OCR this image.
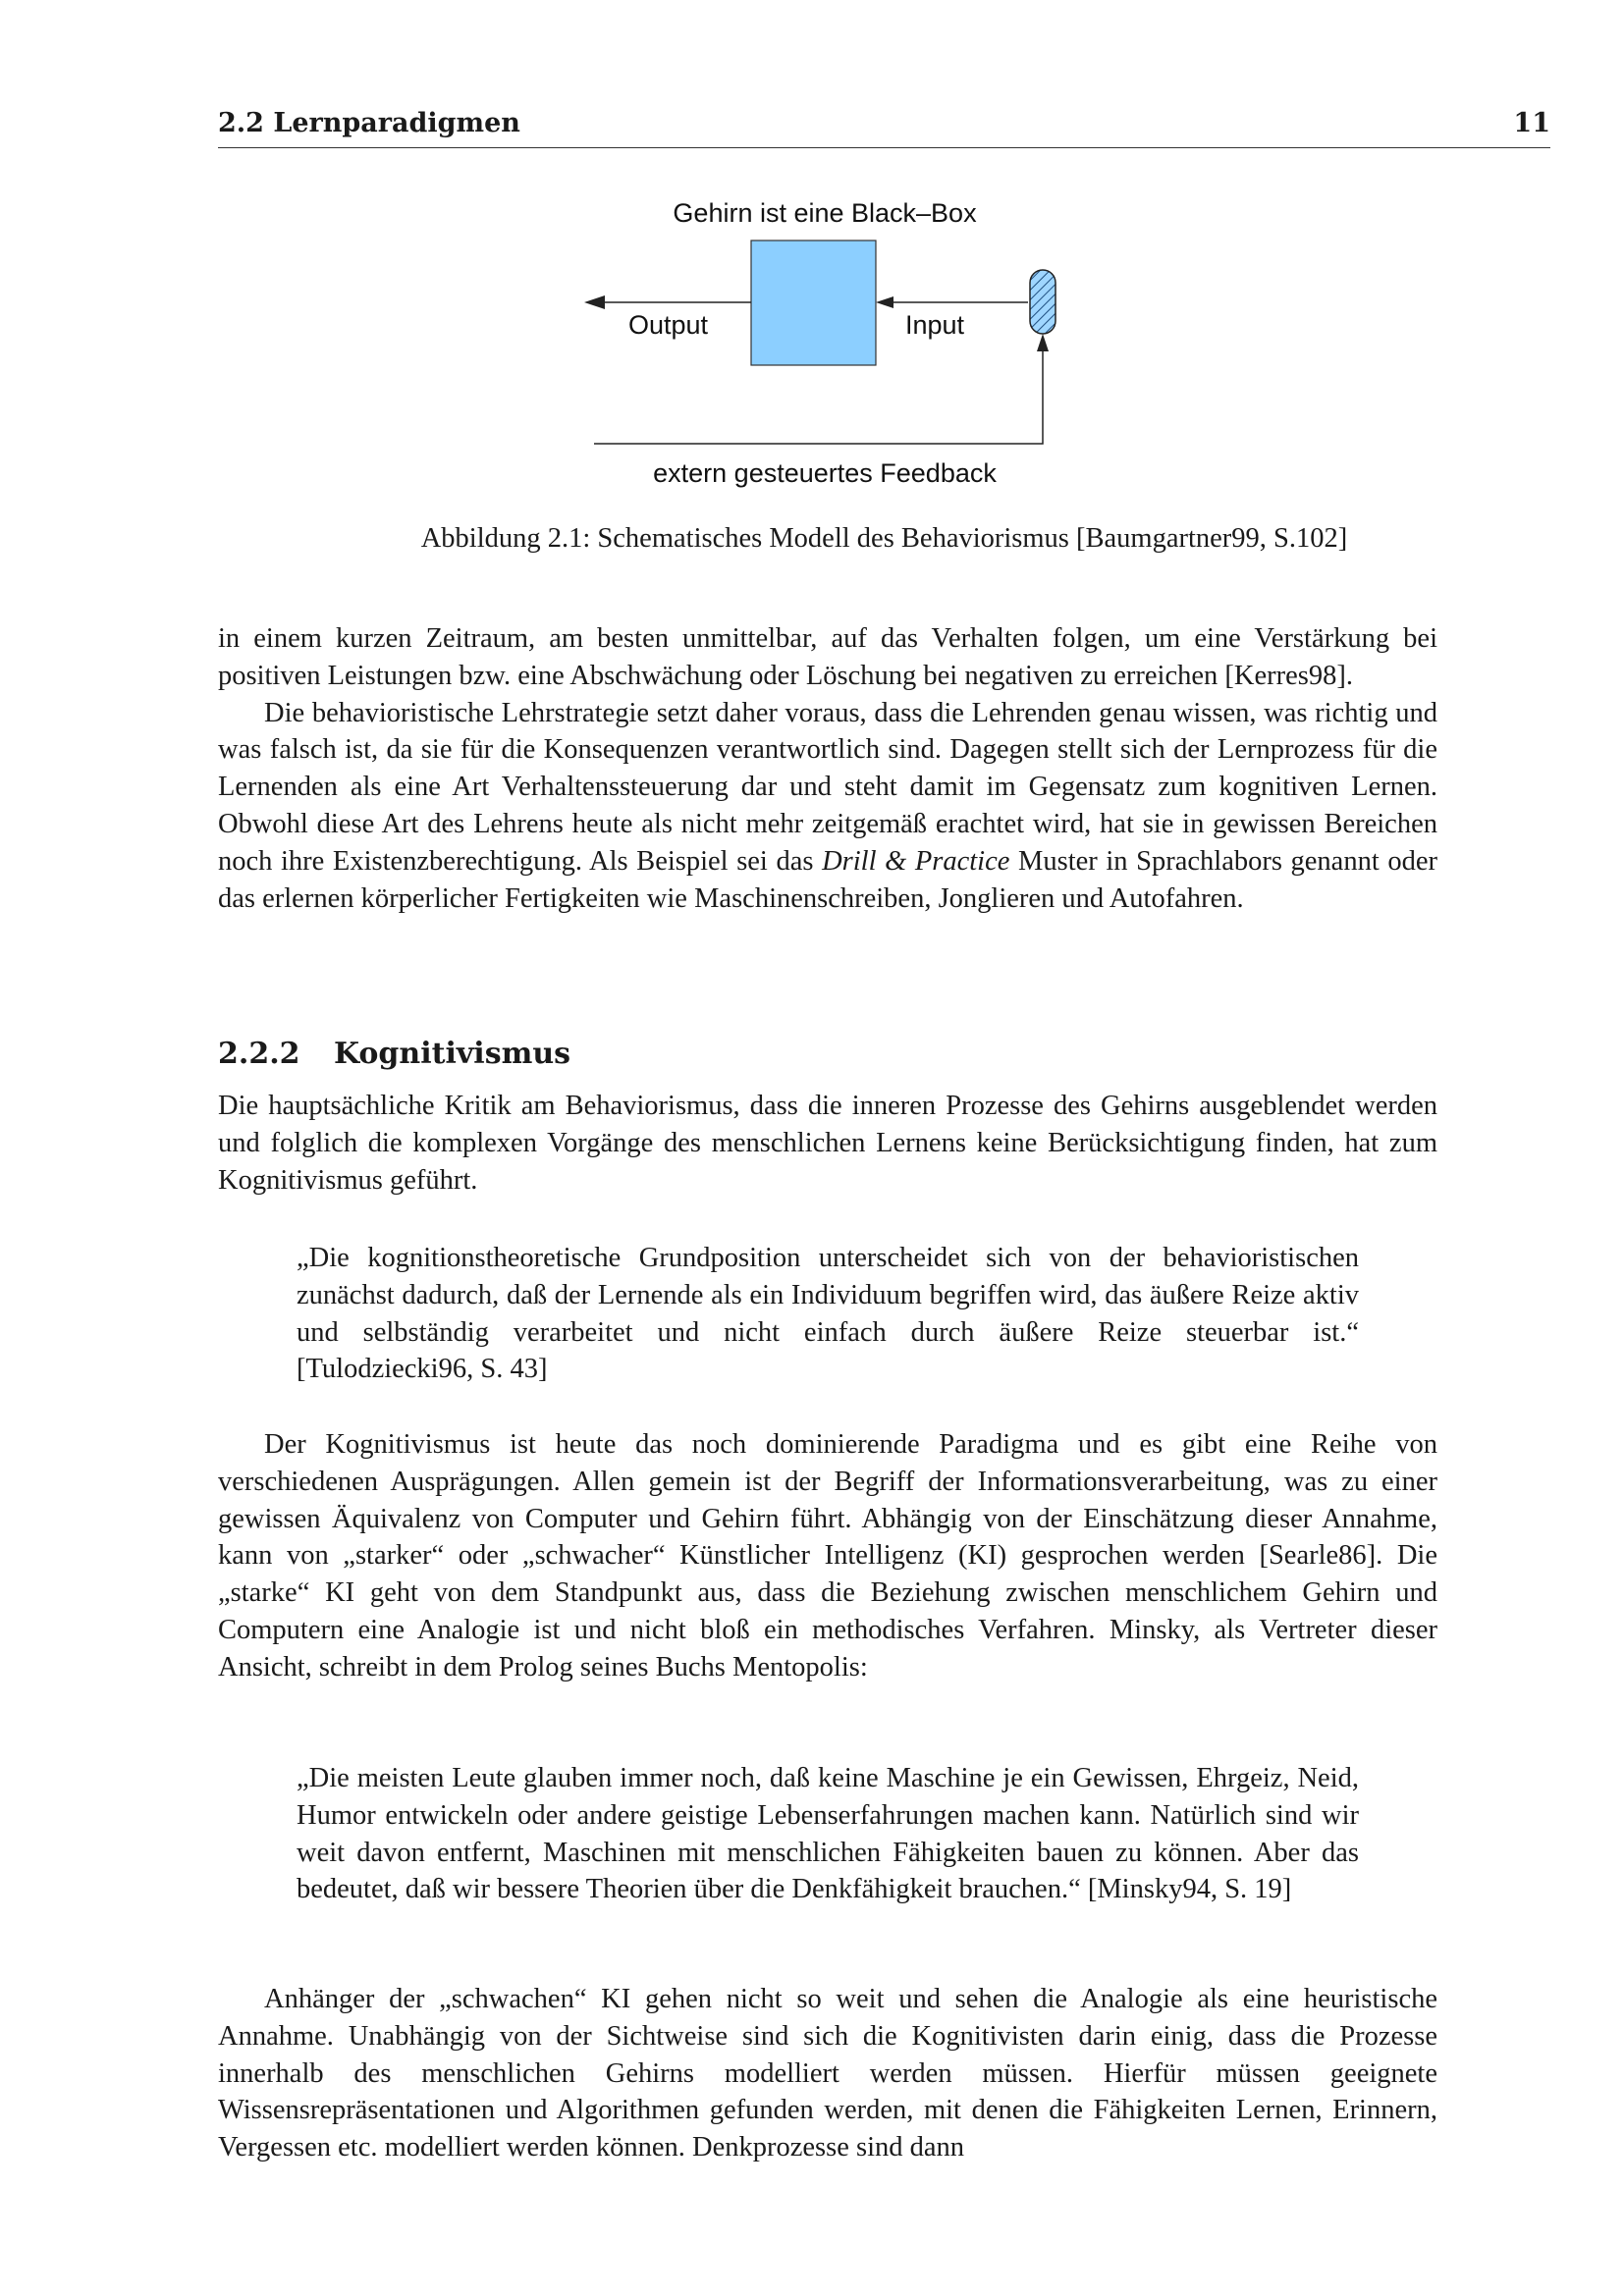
2.2 Lernparadigmen	11
Gehirn ist eine Black–Box
Output	Input
extern gesteuertes Feedback
Abbildung 2.1: Schematisches Modell des Behaviorismus [Baumgartner99, S.102]

in einem kurzen Zeitraum, am besten unmittelbar, auf das Verhalten folgen, um eine Verstärkung bei positiven Leistungen bzw. eine Abschwächung oder Löschung bei negativen zu erreichen [Kerres98].

Die behavioristische Lehrstrategie setzt daher voraus, dass die Lehrenden genau wissen, was richtig und was falsch ist, da sie für die Konsequenzen verantwortlich sind. Dagegen stellt sich der Lernprozess für die Lernenden als eine Art Verhaltenssteuerung dar und steht damit im Gegensatz zum kognitiven Lernen. Obwohl diese Art des Lehrens heute als nicht mehr zeitgemäß erachtet wird, hat sie in gewissen Bereichen noch ihre Existenzberechtigung. Als Beispiel sei das Drill & Practice Muster in Sprachlabors genannt oder das erlernen körperlicher Fertigkeiten wie Maschinenschreiben, Jonglieren und Autofahren.

2.2.2 Kognitivismus

Die hauptsächliche Kritik am Behaviorismus, dass die inneren Prozesse des Gehirns ausgeblendet werden und folglich die komplexen Vorgänge des menschlichen Lernens keine Berücksichtigung finden, hat zum Kognitivismus geführt.

„Die kognitionstheoretische Grundposition unterscheidet sich von der behavioristischen zunächst dadurch, daß der Lernende als ein Individuum begriffen wird, das äußere Reize aktiv und selbständig verarbeitet und nicht einfach durch äußere Reize steuerbar ist.“ [Tulodziecki96, S. 43]

Der Kognitivismus ist heute das noch dominierende Paradigma und es gibt eine Reihe von verschiedenen Ausprägungen. Allen gemein ist der Begriff der Informationsverarbeitung, was zu einer gewissen Äquivalenz von Computer und Gehirn führt. Abhängig von der Einschätzung dieser Annahme, kann von „starker“ oder „schwacher“ Künstlicher Intelligenz (KI) gesprochen werden [Searle86]. Die „starke“ KI geht von dem Standpunkt aus, dass die Beziehung zwischen menschlichem Gehirn und Computern eine Analogie ist und nicht bloß ein methodisches Verfahren. Minsky, als Vertreter dieser Ansicht, schreibt in dem Prolog seines Buchs Mentopolis:

„Die meisten Leute glauben immer noch, daß keine Maschine je ein Gewissen, Ehrgeiz, Neid, Humor entwickeln oder andere geistige Lebenserfahrungen machen kann. Natürlich sind wir weit davon entfernt, Maschinen mit menschlichen Fähigkeiten bauen zu können. Aber das bedeutet, daß wir bessere Theorien über die Denkfähigkeit brauchen.“ [Minsky94, S. 19]

Anhänger der „schwachen“ KI gehen nicht so weit und sehen die Analogie als eine heuristische Annahme. Unabhängig von der Sichtweise sind sich die Kognitivisten darin einig, dass die Prozesse innerhalb des menschlichen Gehirns modelliert werden müssen. Hierfür müssen geeignete Wissensrepräsentationen und Algorithmen gefunden werden, mit denen die Fähigkeiten Lernen, Erinnern, Vergessen etc. modelliert werden können. Denkprozesse sind dann
